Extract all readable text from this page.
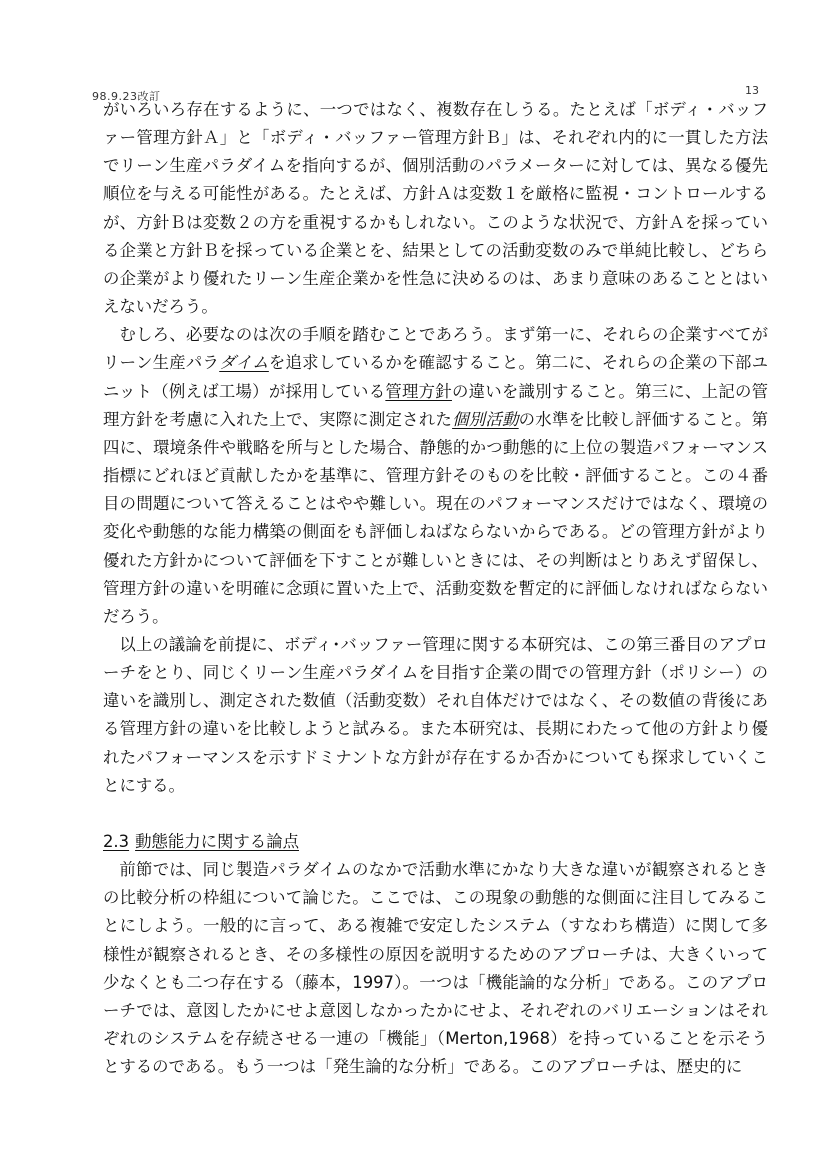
98.9.23改訂	13

がいろいろ存在するように、一つではなく、複数存在しうる。たとえば「ボディ・バッファー管理方針Ａ」と「ボディ・バッファー管理方針Ｂ」は、それぞれ内的に一貫した方法でリーン生産パラダイムを指向するが、個別活動のパラメーターに対しては、異なる優先順位を与える可能性がある。たとえば、方針Ａは変数１を厳格に監視・コントロールするが、方針Ｂは変数２の方を重視するかもしれない。このような状況で、方針Ａを採っている企業と方針Ｂを採っている企業とを、結果としての活動変数のみで単純比較し、どちらの企業がより優れたリーン生産企業かを性急に決めるのは、あまり意味のあることとはいえないだろう。

むしろ、必要なのは次の手順を踏むことであろう。まず第一に、それらの企業すべてがリーン生産パラダイムを追求しているかを確認すること。第二に、それらの企業の下部ユニット（例えば工場）が採用している管理方針の違いを識別すること。第三に、上記の管理方針を考慮に入れた上で、実際に測定された個別活動の水準を比較し評価すること。第四に、環境条件や戦略を所与とした場合、静態的かつ動態的に上位の製造パフォーマンス指標にどれほど貢献したかを基準に、管理方針そのものを比較・評価すること。この４番目の問題について答えることはやや難しい。現在のパフォーマンスだけではなく、環境の変化や動態的な能力構築の側面をも評価しねばならないからである。どの管理方針がより優れた方針かについて評価を下すことが難しいときには、その判断はとりあえず留保し、管理方針の違いを明確に念頭に置いた上で、活動変数を暫定的に評価しなければならないだろう。

以上の議論を前提に、ボディ･バッファー管理に関する本研究は、この第三番目のアプローチをとり、同じくリーン生産パラダイムを目指す企業の間での管理方針（ポリシー）の違いを識別し、測定された数値（活動変数）それ自体だけではなく、その数値の背後にある管理方針の違いを比較しようと試みる。また本研究は、長期にわたって他の方針より優れたパフォーマンスを示すドミナントな方針が存在するか否かについても探求していくことにする。

2.3 動態能力に関する論点

前節では、同じ製造パラダイムのなかで活動水準にかなり大きな違いが観察されるときの比較分析の枠組について論じた。ここでは、この現象の動態的な側面に注目してみることにしよう。一般的に言って、ある複雑で安定したシステム（すなわち構造）に関して多様性が観察されるとき、その多様性の原因を説明するためのアプローチは、大きくいって少なくとも二つ存在する（藤本，1997）。一つは「機能論的な分析」である。このアプローチでは、意図したかにせよ意図しなかったかにせよ、それぞれのバリエーションはそれぞれのシステムを存続させる一連の「機能」（Merton,1968）を持っていることを示そうとするのである。もう一つは「発生論的な分析」である。このアプローチは、歴史的に
